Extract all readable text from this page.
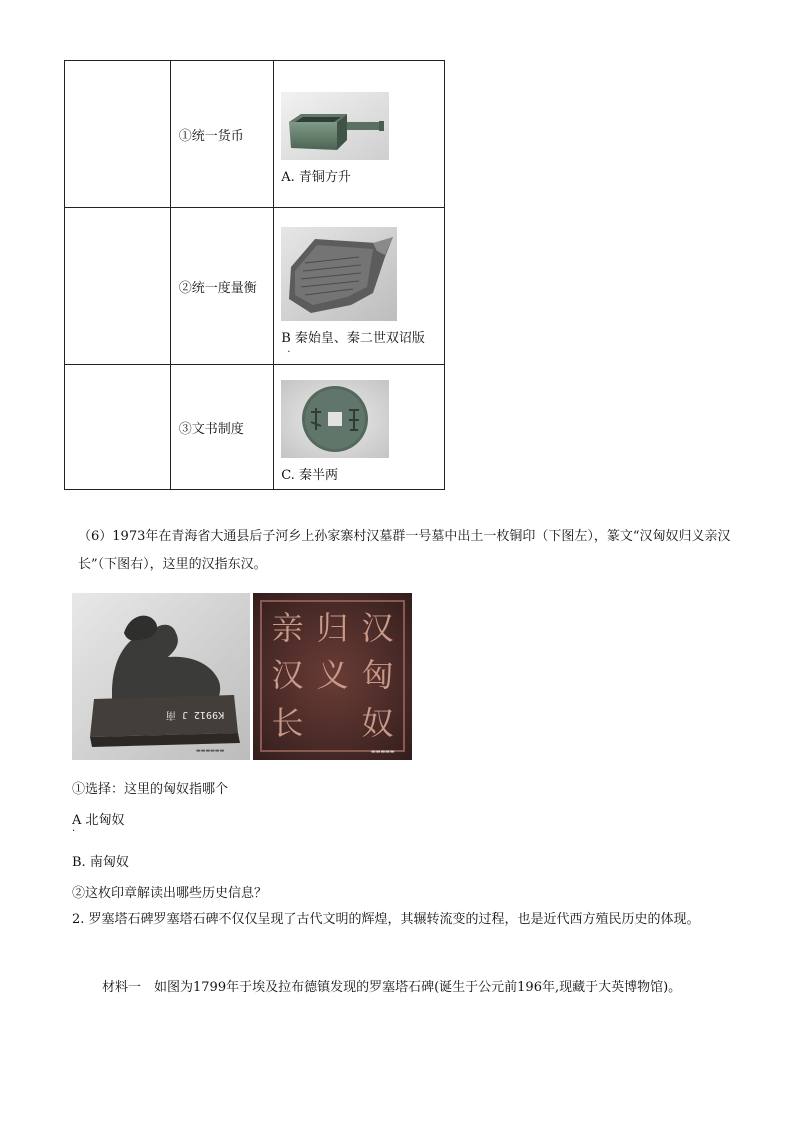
	①统一货币	A. 青铜方升

	②统一度量衡	B 秦始皇、秦二世双诏版
.

	③文书制度	C. 秦半两
（6）1973年在青海省大通县后子河乡上孙家寨村汉墓群一号墓中出土一枚铜印（下图左），篆文“汉匈奴归义亲汉长”（下图右），这里的汉指东汉。
K9912 J 南
▬▬▬▬▬▬
亲 归 汉
汉 义 匈
长 奴
▬▬▬▬▬
①选择：这里的匈奴指哪个
A 北匈奴
·
B. 南匈奴
②这枚印章解读出哪些历史信息？
2. 罗塞塔石碑罗塞塔石碑不仅仅呈现了古代文明的辉煌，其辗转流变的过程，也是近代西方殖民历史的体现。
材料一　如图为1799年于埃及拉布德镇发现的罗塞塔石碑(诞生于公元前196年,现藏于大英博物馆)。
